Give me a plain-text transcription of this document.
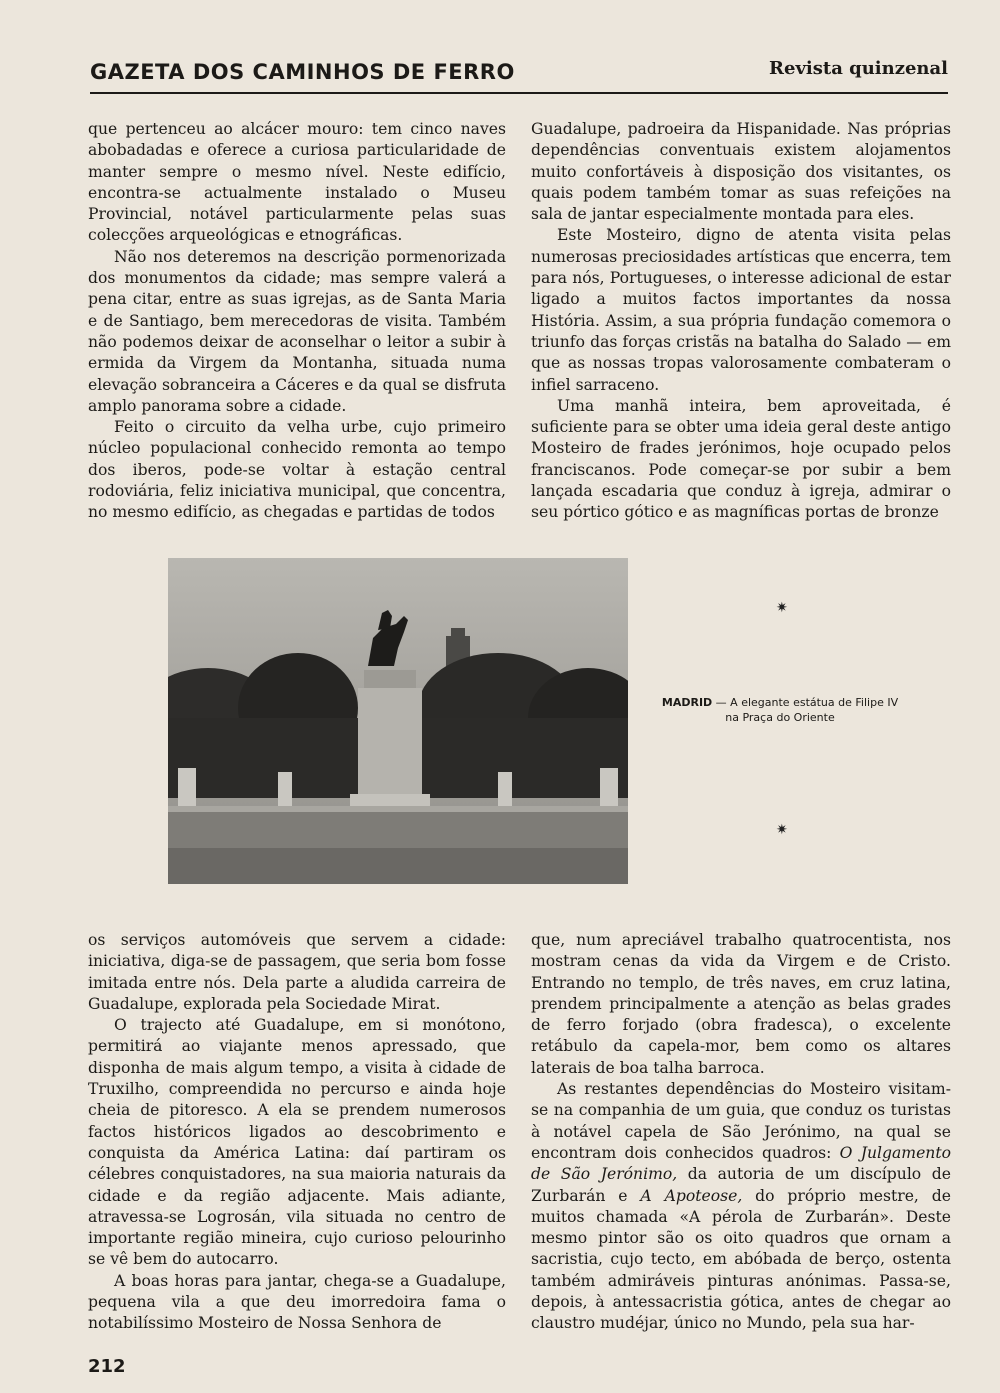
GAZETA DOS CAMINHOS DE FERRO	Revista quinzenal

que pertenceu ao alcácer mouro: tem cinco naves abobadadas e oferece a curiosa particularidade de manter sempre o mesmo nível. Neste edifício, encontra-se actualmente instalado o Museu Provincial, notável particularmente pelas suas colecções arqueológicas e etnográficas.

Não nos deteremos na descrição pormenorizada dos monumentos da cidade; mas sempre valerá a pena citar, entre as suas igrejas, as de Santa Maria e de Santiago, bem merecedoras de visita. Também não podemos deixar de aconselhar o leitor a subir à ermida da Virgem da Montanha, situada numa elevação sobranceira a Cáceres e da qual se disfruta amplo panorama sobre a cidade.

Feito o circuito da velha urbe, cujo primeiro núcleo populacional conhecido remonta ao tempo dos iberos, pode-se voltar à estação central rodoviária, feliz iniciativa municipal, que concentra, no mesmo edifício, as chegadas e partidas de todos

Guadalupe, padroeira da Hispanidade. Nas próprias dependências conventuais existem alojamentos muito confortáveis à disposição dos visitantes, os quais podem também tomar as suas refeições na sala de jantar especialmente montada para eles.

Este Mosteiro, digno de atenta visita pelas numerosas preciosidades artísticas que encerra, tem para nós, Portugueses, o interesse adicional de estar ligado a muitos factos importantes da nossa História. Assim, a sua própria fundação comemora o triunfo das forças cristãs na batalha do Salado — em que as nossas tropas valorosamente combateram o infiel sarraceno.

Uma manhã inteira, bem aproveitada, é suficiente para se obter uma ideia geral deste antigo Mosteiro de frades jerónimos, hoje ocupado pelos franciscanos. Pode começar-se por subir a bem lançada escadaria que conduz à igreja, admirar o seu pórtico gótico e as magníficas portas de bronze

✷
MADRID — A elegante estátua de Filipe IV na Praça do Oriente
✷

os serviços automóveis que servem a cidade: iniciativa, diga-se de passagem, que seria bom fosse imitada entre nós. Dela parte a aludida carreira de Guadalupe, explorada pela Sociedade Mirat.

O trajecto até Guadalupe, em si monótono, permitirá ao viajante menos apressado, que disponha de mais algum tempo, a visita à cidade de Truxilho, compreendida no percurso e ainda hoje cheia de pitoresco. A ela se prendem numerosos factos históricos ligados ao descobrimento e conquista da América Latina: daí partiram os célebres conquistadores, na sua maioria naturais da cidade e da região adjacente. Mais adiante, atravessa-se Logrosán, vila situada no centro de importante região mineira, cujo curioso pelourinho se vê bem do autocarro.

A boas horas para jantar, chega-se a Guadalupe, pequena vila a que deu imorredoira fama o notabilíssimo Mosteiro de Nossa Senhora de

que, num apreciável trabalho quatrocentista, nos mostram cenas da vida da Virgem e de Cristo. Entrando no templo, de três naves, em cruz latina, prendem principalmente a atenção as belas grades de ferro forjado (obra fradesca), o excelente retábulo da capela-mor, bem como os altares laterais de boa talha barroca.

As restantes dependências do Mosteiro visitam-se na companhia de um guia, que conduz os turistas à notável capela de São Jerónimo, na qual se encontram dois conhecidos quadros: O Julgamento de São Jerónimo, da autoria de um discípulo de Zurbarán e A Apoteose, do próprio mestre, de muitos chamada «A pérola de Zurbarán». Deste mesmo pintor são os oito quadros que ornam a sacristia, cujo tecto, em abóbada de berço, ostenta também admiráveis pinturas anónimas. Passa-se, depois, à antessacristia gótica, antes de chegar ao claustro mudéjar, único no Mundo, pela sua har-

212
